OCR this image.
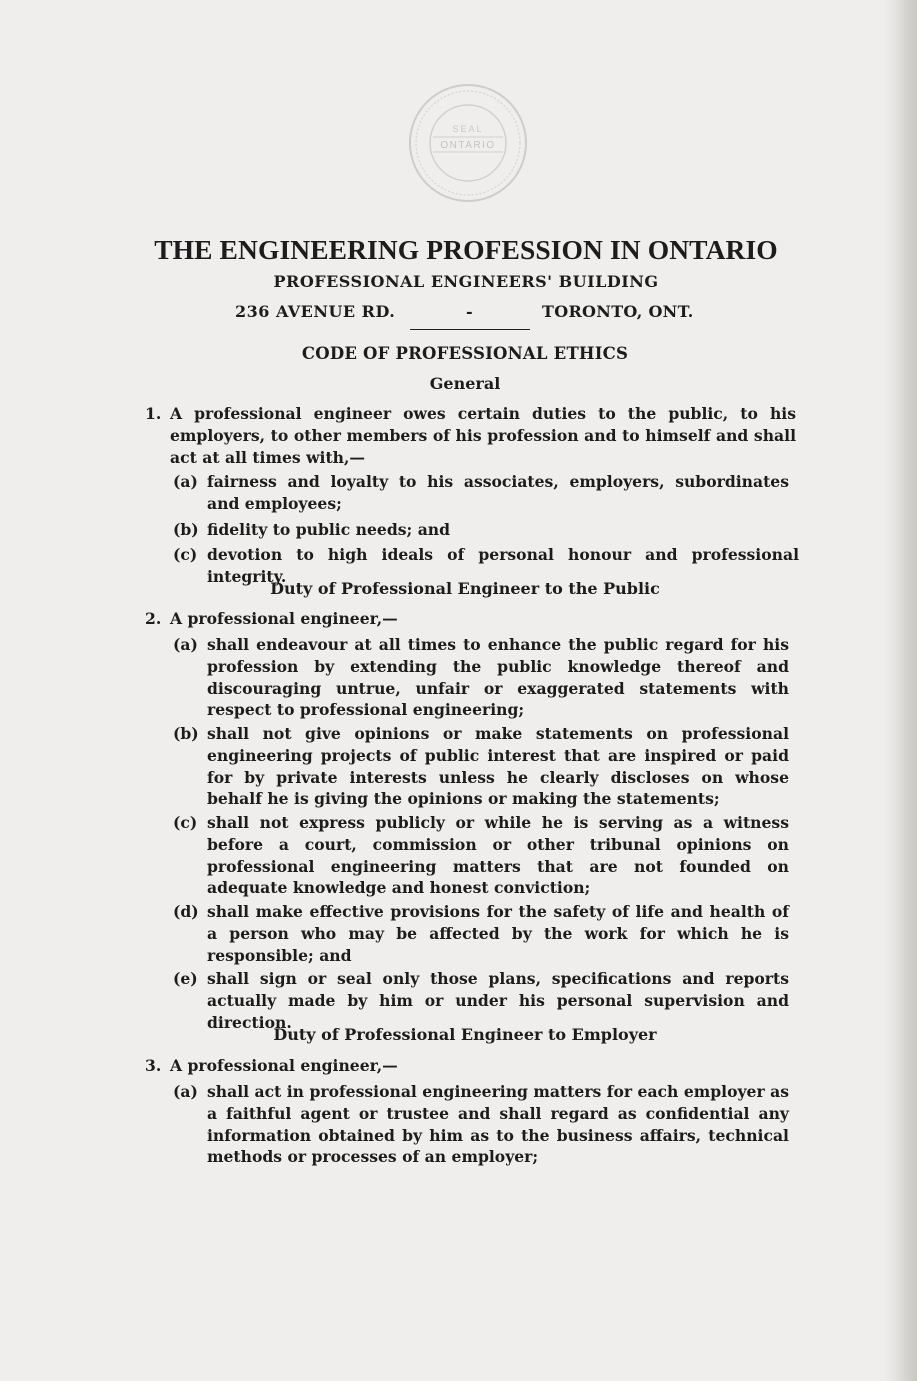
SEAL
ONTARIO
THE ENGINEERING PROFESSION IN ONTARIO
PROFESSIONAL ENGINEERS' BUILDING
236 AVENUE RD.	-	TORONTO, ONT.
CODE OF PROFESSIONAL ETHICS
General
1. A professional engineer owes certain duties to the public, to his employers, to other members of his profession and to himself and shall act at all times with,—

(a) fairness and loyalty to his associates, employers, subordinates and employees;

(b) fidelity to public needs; and

(c) devotion to high ideals of personal honour and professional integrity.

Duty of Professional Engineer to the Public
2. A professional engineer,—

(a) shall endeavour at all times to enhance the public regard for his profession by extending the public knowledge thereof and discouraging untrue, unfair or exaggerated statements with respect to professional engineering;

(b) shall not give opinions or make statements on professional engineering projects of public interest that are inspired or paid for by private interests unless he clearly discloses on whose behalf he is giving the opinions or making the statements;

(c) shall not express publicly or while he is serving as a witness before a court, commission or other tribunal opinions on professional engineering matters that are not founded on adequate knowledge and honest conviction;

(d) shall make effective provisions for the safety of life and health of a person who may be affected by the work for which he is responsible; and

(e) shall sign or seal only those plans, specifications and reports actually made by him or under his personal supervision and direction.

Duty of Professional Engineer to Employer
3. A professional engineer,—

(a) shall act in professional engineering matters for each employer as a faithful agent or trustee and shall regard as confidential any information obtained by him as to the business affairs, technical methods or processes of an employer;
